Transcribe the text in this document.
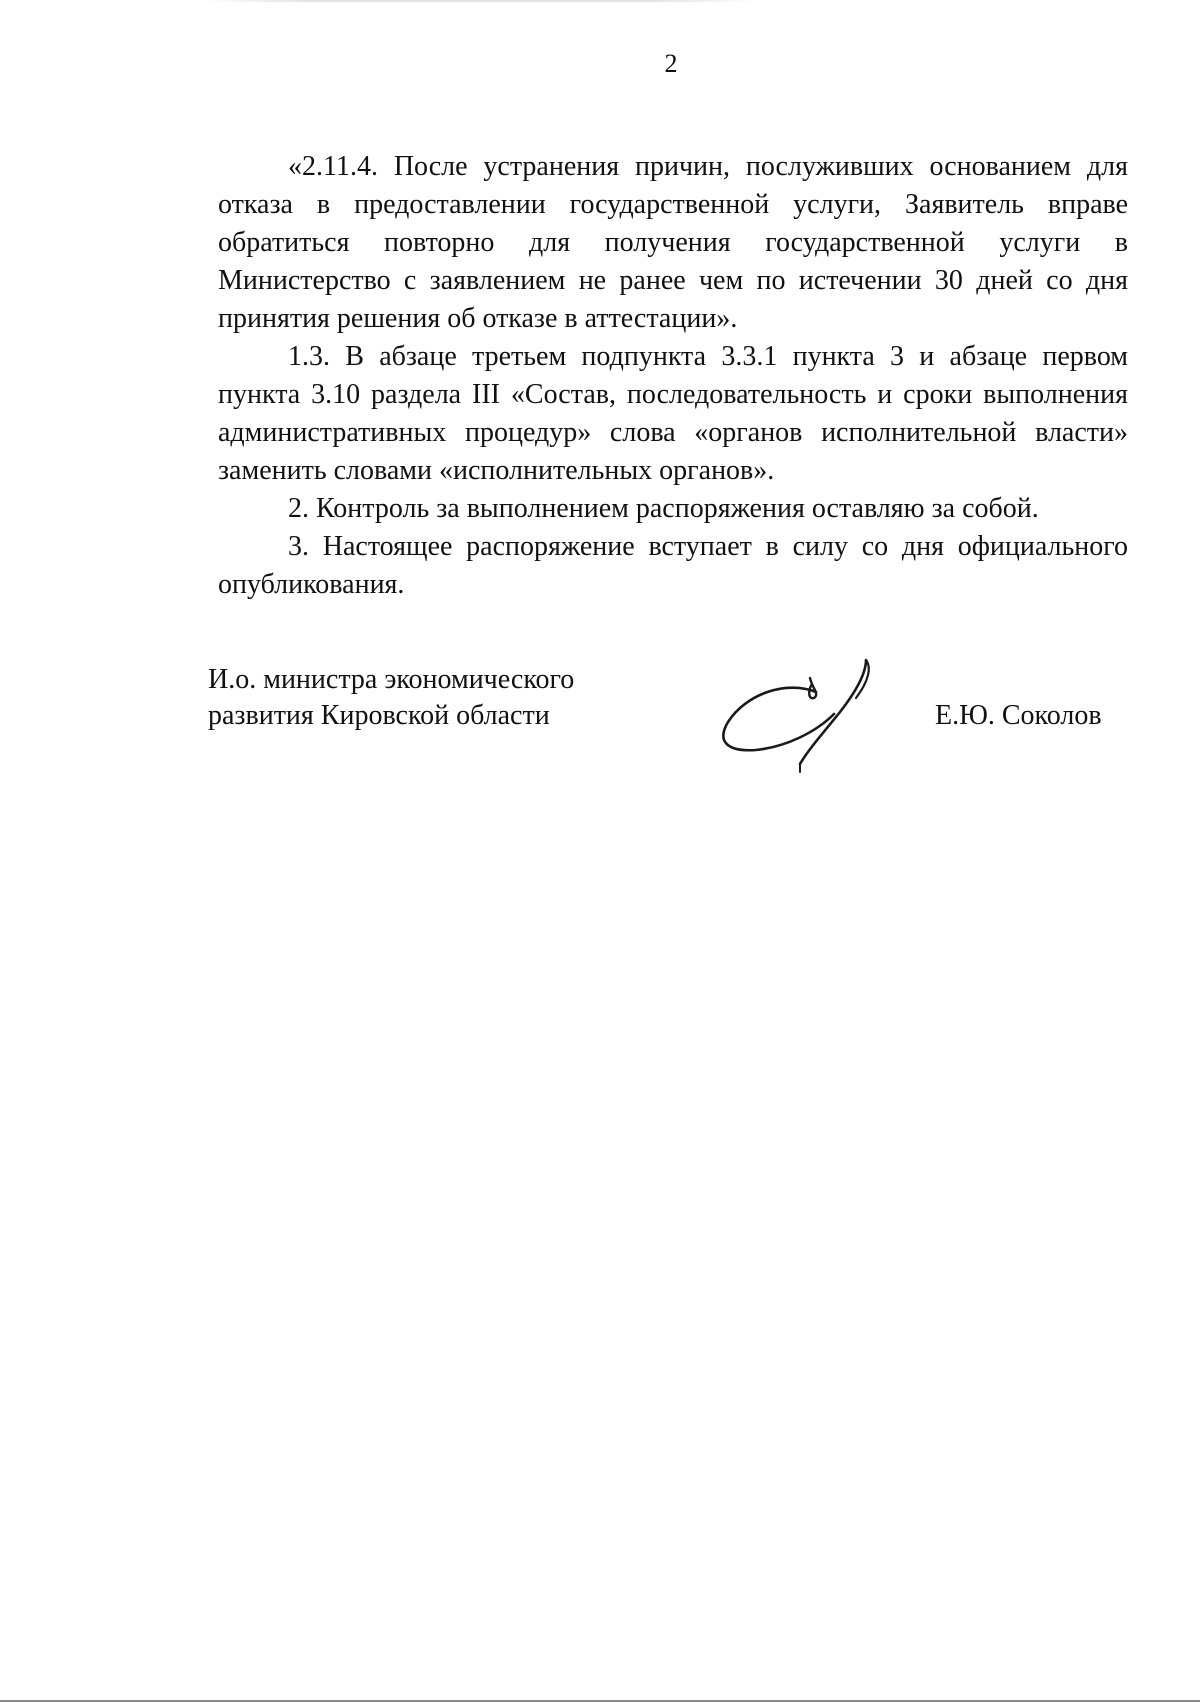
2

«2.11.4. После устранения причин, послуживших основанием для отказа в предоставлении государственной услуги, Заявитель вправе обратиться повторно для получения государственной услуги в Министерство с заявлением не ранее чем по истечении 30 дней со дня принятия решения об отказе в аттестации».

1.3. В абзаце третьем подпункта 3.3.1 пункта 3 и абзаце первом пункта 3.10 раздела III «Состав, последовательность и сроки выполнения административных процедур» слова «органов исполнительной власти» заменить словами «исполнительных органов».

2. Контроль за выполнением распоряжения оставляю за собой.

3. Настоящее распоряжение вступает в силу со дня официального опубликования.

И.о. министра экономического
развития Кировской области	Е.Ю. Соколов
